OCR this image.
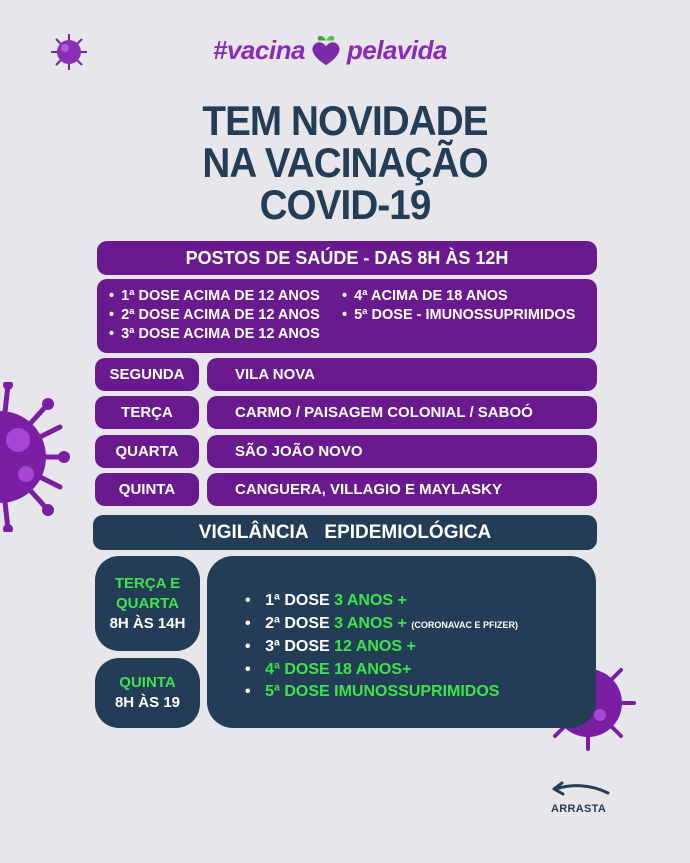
#vacina pelavida
TEM NOVIDADE
NA VACINAÇÃO
COVID-19
POSTOS DE SAÚDE - DAS 8H ÀS 12H
• 1ª DOSE ACIMA DE 12 ANOS
• 2ª DOSE ACIMA DE 12 ANOS
• 3ª DOSE ACIMA DE 12 ANOS
• 4ª ACIMA DE 18 ANOS
• 5ª DOSE - IMUNOSSUPRIMIDOS
SEGUNDA	VILA NOVA
TERÇA	CARMO / PAISAGEM COLONIAL / SABOÓ
QUARTA	SÃO JOÃO NOVO
QUINTA	CANGUERA, VILLAGIO E MAYLASKY
VIGILÂNCIA  EPIDEMIOLÓGICA
TERÇA E
QUARTA
8H ÀS 14H
QUINTA
8H ÀS 19
• 1ª DOSE 3 ANOS +
• 2ª DOSE 3 ANOS + (CORONAVAC E PFIZER)
• 3ª DOSE 12 ANOS +
• 4ª DOSE 18 ANOS+
• 5ª DOSE IMUNOSSUPRIMIDOS
ARRASTA
